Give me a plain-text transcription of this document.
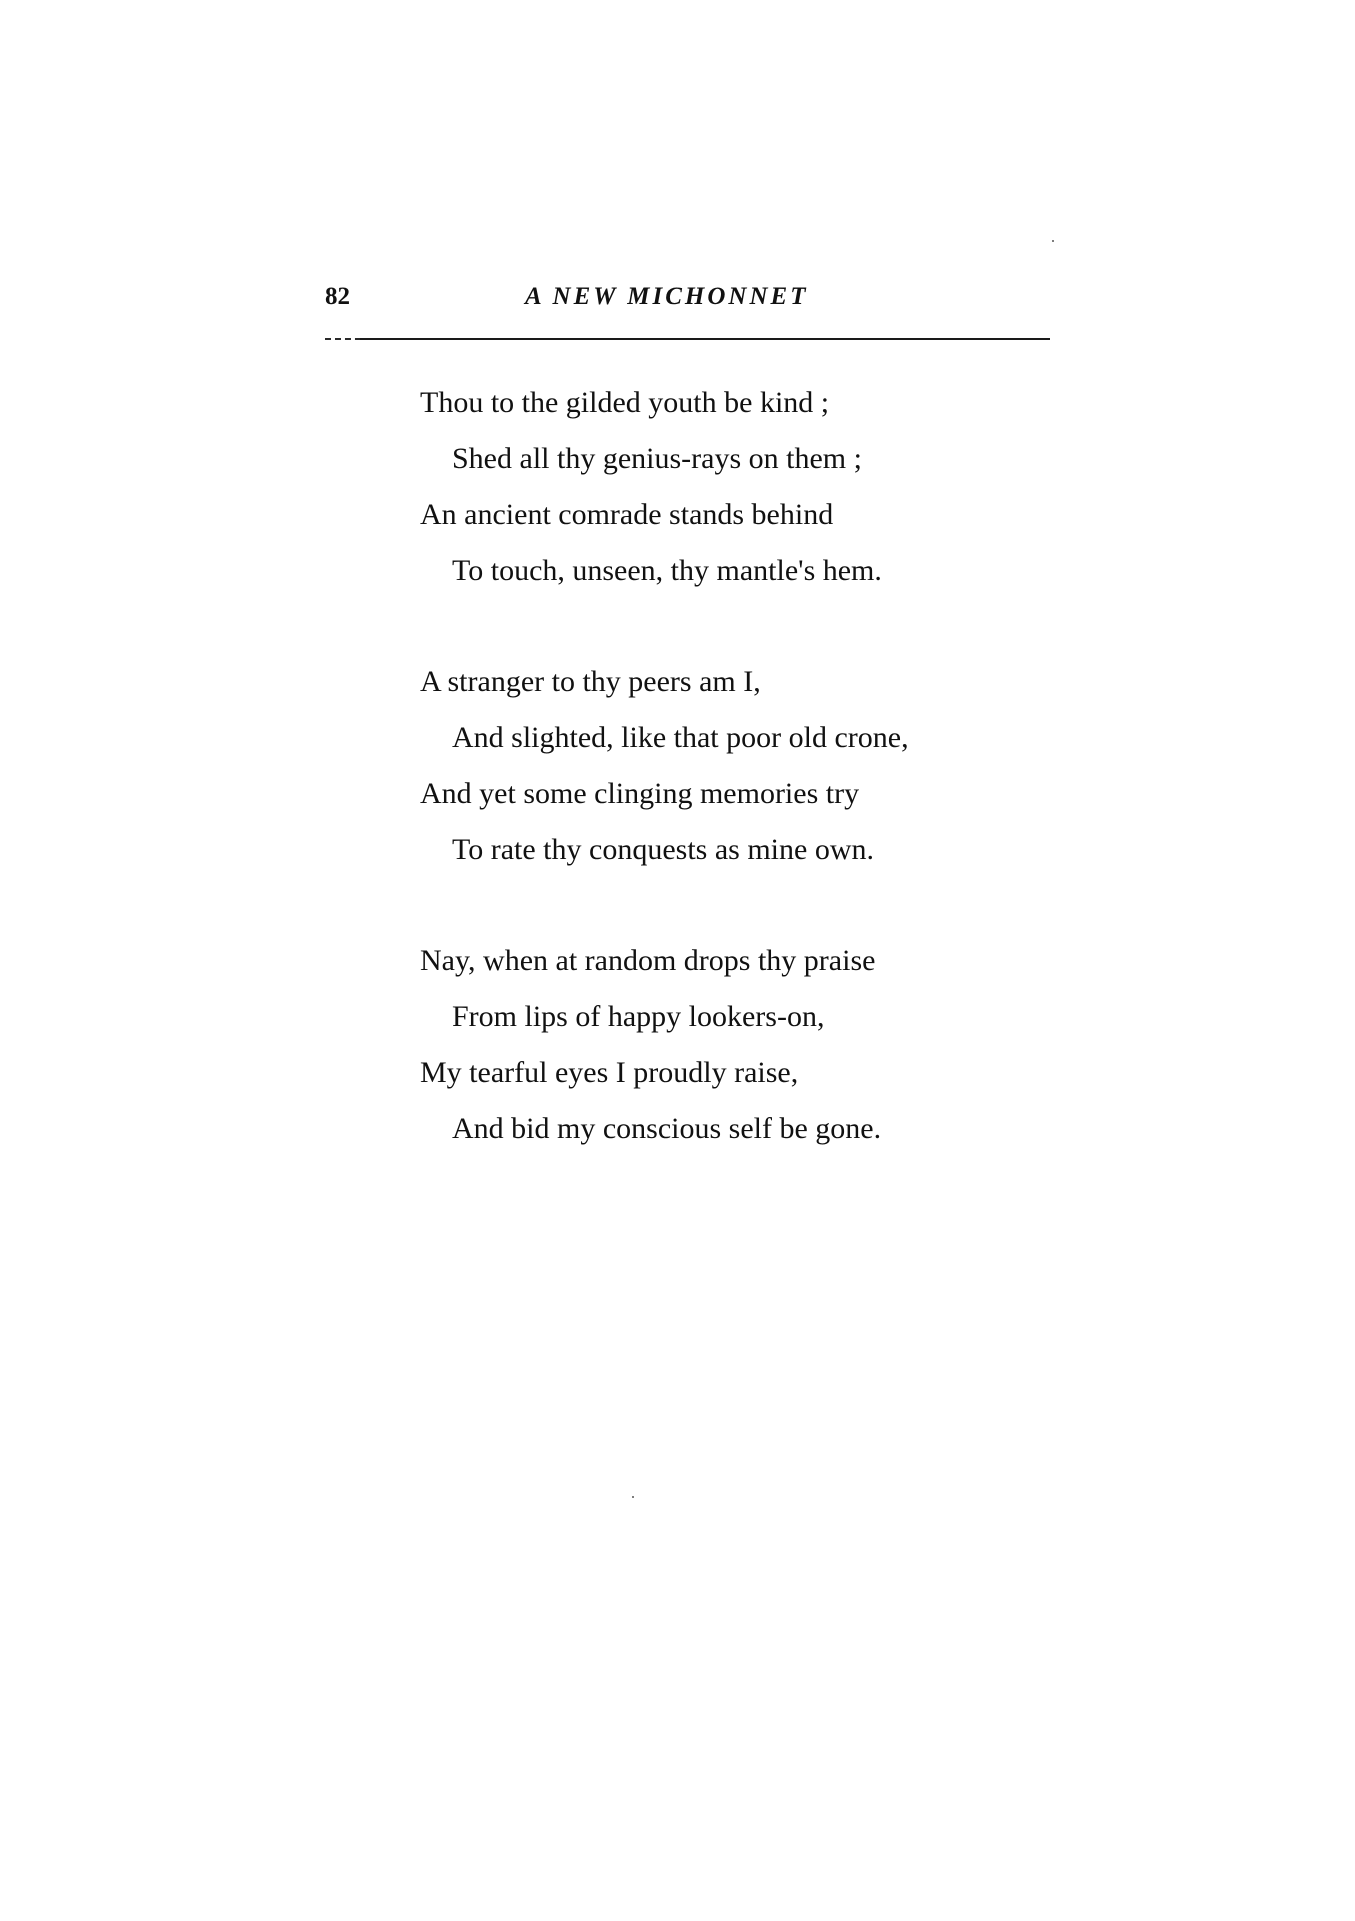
82	A NEW MICHONNET
Thou to the gilded youth be kind ;
Shed all thy genius-rays on them ;
An ancient comrade stands behind
To touch, unseen, thy mantle's hem.
A stranger to thy peers am I,
And slighted, like that poor old crone,
And yet some clinging memories try
To rate thy conquests as mine own.
Nay, when at random drops thy praise
From lips of happy lookers-on,
My tearful eyes I proudly raise,
And bid my conscious self be gone.
